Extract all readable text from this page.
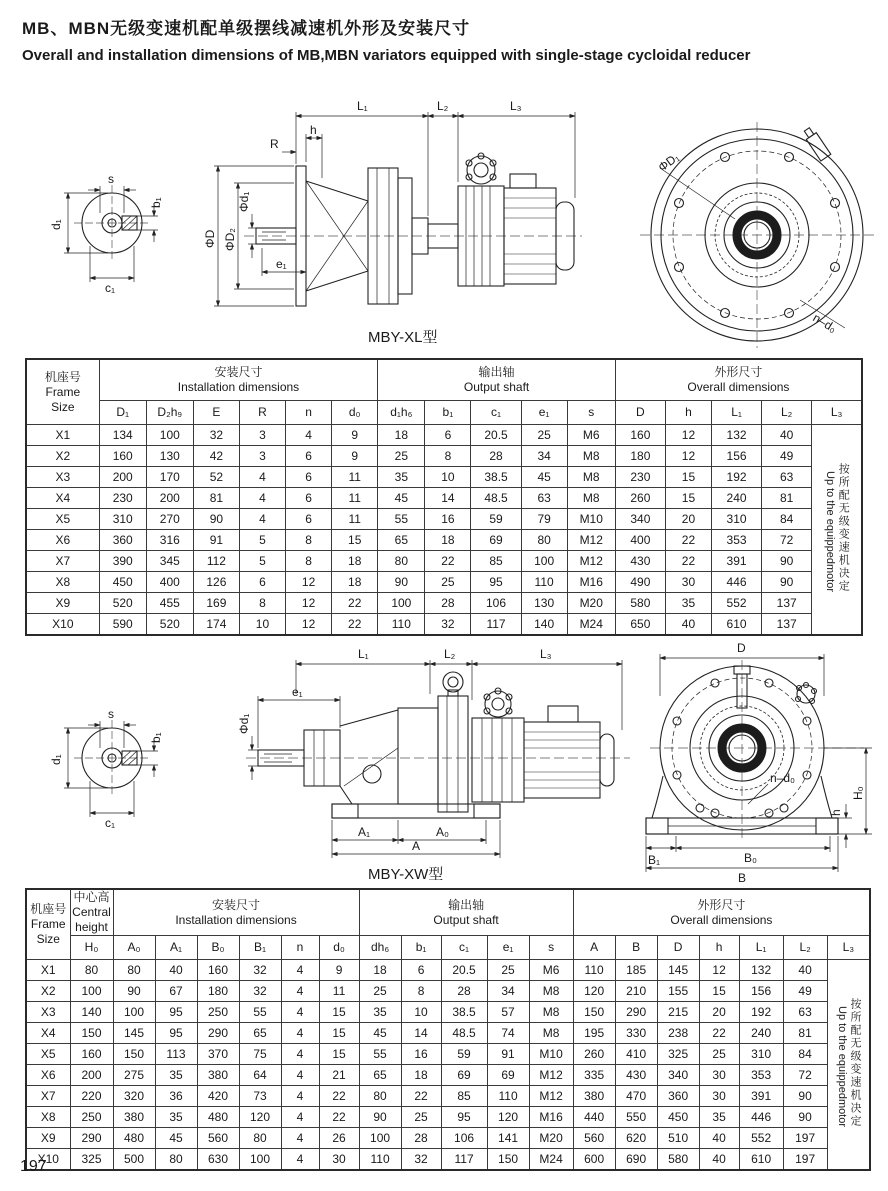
MB、MBN无级变速机配单级摆线减速机外形及安装尺寸
Overall and installation dimensions of MB,MBN variators equipped with single-stage cycloidal reducer
L₁	L₂	L₃
h
R
ΦD ΦD₂
Φd₁
e₁
ΦD₁
n–d₀
s
b₁
d₁
c₁
MBY-XL型
机座号
Frame
Size	安装尺寸
Installation dimensions						输出轴
Output shaft					外形尺寸
Overall dimensions				

	D₁	D₂h₉	E	R	n	d₀	d₁h₆	b₁	c₁	e₁	s	D	h	L₁	L₂	L₃
X1	134	100	32	3	4	9	18	6	20.5	25	M6	160	12	132	40	Up to the equippedmotor按所配无级变速机决定
X2	160	130	42	3	6	9	25	8	28	34	M8	180	12	156	49	
X3	200	170	52	4	6	11	35	10	38.5	45	M8	230	15	192	63	
X4	230	200	81	4	6	11	45	14	48.5	63	M8	260	15	240	81	
X5	310	270	90	4	6	11	55	16	59	79	M10	340	20	310	84	
X6	360	316	91	5	8	15	65	18	69	80	M12	400	22	353	72	
X7	390	345	112	5	8	18	80	22	85	100	M12	430	22	391	90	
X8	450	400	126	6	12	18	90	25	95	110	M16	490	30	446	90	
X9	520	455	169	8	12	22	100	28	106	130	M20	580	35	552	137	
X10	590	520	174	10	12	22	110	32	117	140	M24	650	40	610	137	
L₁	L₂	L₃
e₁
Φd₁
A₁	A₀
A
D
n–d₀
H₀
h
B₁	B₀
B
s
b₁
d₁
c₁
MBY-XW型
机座号
Frame
Size	中心高
Central
height	安装尺寸
Installation dimensions						输出轴
Output shaft					外形尺寸
Overall dimensions						

	H₀	A₀	A₁	B₀	B₁	n	d₀	dh₆	b₁	c₁	e₁	s	A	B	D	h	L₁	L₂	L₃
X1	80	80	40	160	32	4	9	18	6	20.5	25	M6	110	185	145	12	132	40	Up to the equippedmotor按所配无级变速机决定
X2	100	90	67	180	32	4	11	25	8	28	34	M8	120	210	155	15	156	49	
X3	140	100	95	250	55	4	15	35	10	38.5	57	M8	150	290	215	20	192	63	
X4	150	145	95	290	65	4	15	45	14	48.5	74	M8	195	330	238	22	240	81	
X5	160	150	113	370	75	4	15	55	16	59	91	M10	260	410	325	25	310	84	
X6	200	275	35	380	64	4	21	65	18	69	69	M12	335	430	340	30	353	72	
X7	220	320	36	420	73	4	22	80	22	85	110	M12	380	470	360	30	391	90	
X8	250	380	35	480	120	4	22	90	25	95	120	M16	440	550	450	35	446	90	
X9	290	480	45	560	80	4	26	100	28	106	141	M20	560	620	510	40	552	197	
X10	325	500	80	630	100	4	30	110	32	117	150	M24	600	690	580	40	610	197	
197
